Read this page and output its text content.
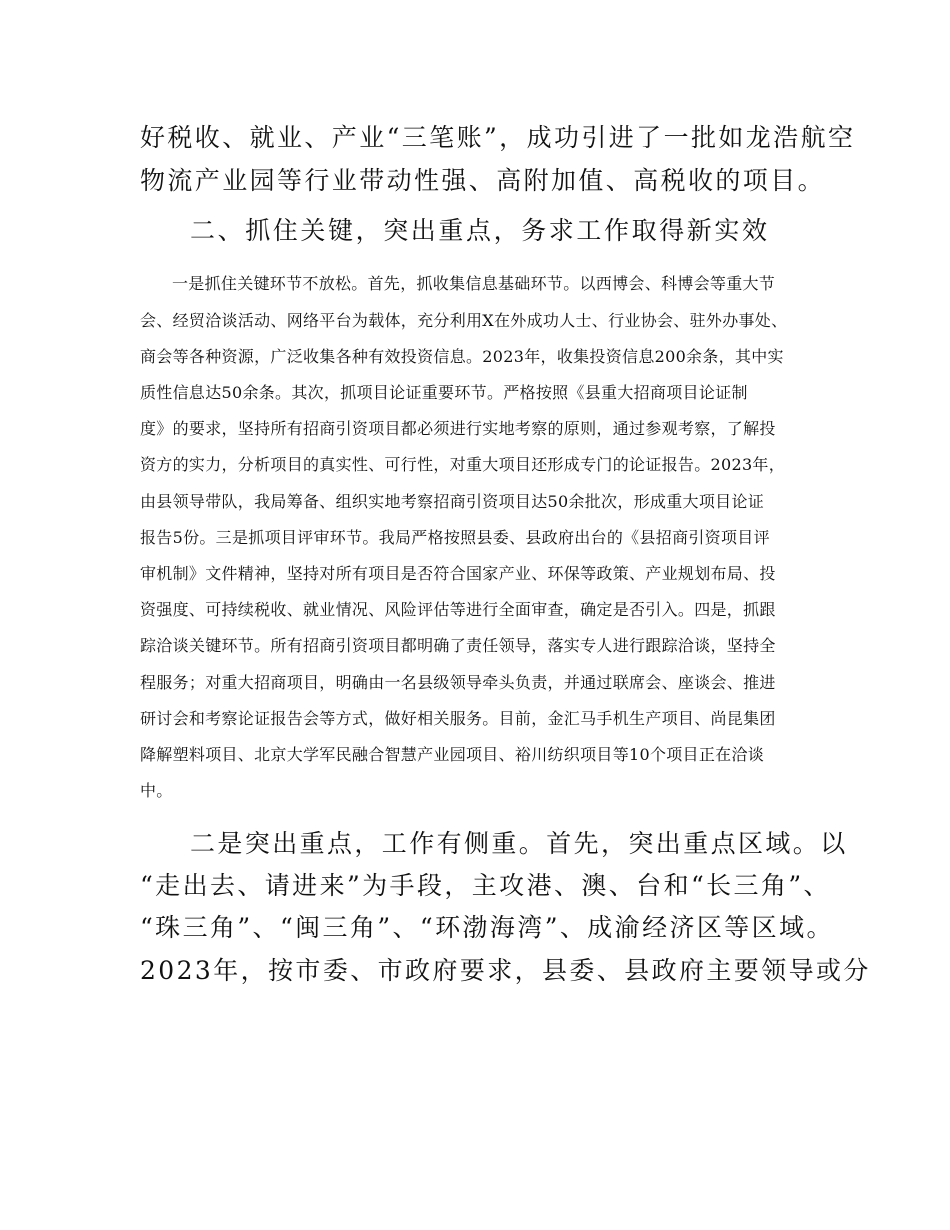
好税收、就业、产业“三笔账”，成功引进了一批如龙浩航空
物流产业园等行业带动性强、高附加值、高税收的项目。
二、抓住关键，突出重点，务求工作取得新实效
一是抓住关键环节不放松。首先，抓收集信息基础环节。以西博会、科博会等重大节
会、经贸洽谈活动、网络平台为载体，充分利用X在外成功人士、行业协会、驻外办事处、
商会等各种资源，广泛收集各种有效投资信息。2023年，收集投资信息200余条，其中实
质性信息达50余条。其次，抓项目论证重要环节。严格按照《县重大招商项目论证制
度》的要求，坚持所有招商引资项目都必须进行实地考察的原则，通过参观考察，了解投
资方的实力，分析项目的真实性、可行性，对重大项目还形成专门的论证报告。2023年，
由县领导带队，我局筹备、组织实地考察招商引资项目达50余批次，形成重大项目论证
报告5份。三是抓项目评审环节。我局严格按照县委、县政府出台的《县招商引资项目评
审机制》文件精神，坚持对所有项目是否符合国家产业、环保等政策、产业规划布局、投
资强度、可持续税收、就业情况、风险评估等进行全面审查，确定是否引入。四是，抓跟
踪洽谈关键环节。所有招商引资项目都明确了责任领导，落实专人进行跟踪洽谈，坚持全
程服务；对重大招商项目，明确由一名县级领导牵头负责，并通过联席会、座谈会、推进
研讨会和考察论证报告会等方式，做好相关服务。目前，金汇马手机生产项目、尚昆集团
降解塑料项目、北京大学军民融合智慧产业园项目、裕川纺织项目等10个项目正在洽谈
中。
二是突出重点，工作有侧重。首先，突出重点区域。以
“走出去、请进来”为手段，主攻港、澳、台和“长三角”、
“珠三角”、“闽三角”、“环渤海湾”、成渝经济区等区域。
2023年，按市委、市政府要求，县委、县政府主要领导或分
